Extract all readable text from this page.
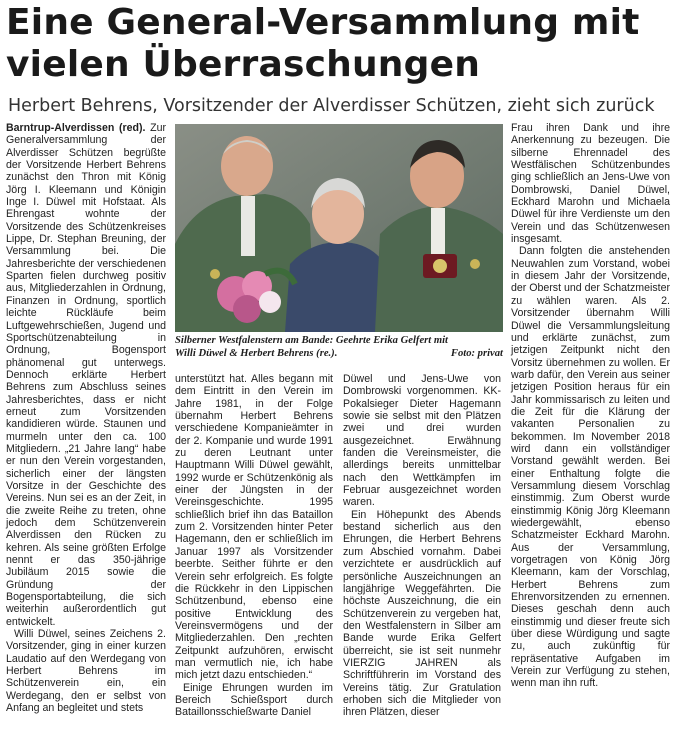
Eine General-Versammlung mit
vielen Überraschungen
Herbert Behrens, Vorsitzender der Alverdisser Schützen, zieht sich zurück

Barntrup-Alverdissen (red). Zur Generalversammlung der Alverdisser Schützen begrüßte der Vorsitzende Herbert Behrens zunächst den Thron mit König Jörg I. Kleemann und Königin Inge I. Düwel mit Hofstaat. Als Ehrengast wohnte der Vorsitzende des Schützenkreises Lippe, Dr. Stephan Breuning, der Versammlung bei. Die Jahresberichte der verschiedenen Sparten fielen durchweg positiv aus, Mitgliederzahlen in Ordnung, Finanzen in Ordnung, sportlich leichte Rückläufe beim Luftgewehrschießen, Jugend und Sportschützenabteilung in Ordnung, Bogensport phänomenal gut unterwegs. Dennoch erklärte Herbert Behrens zum Abschluss seines Jahresberichtes, dass er nicht erneut zum Vorsitzenden kandidieren würde. Staunen und murmeln unter den ca. 100 Mitgliedern. „21 Jahre lang“ habe er nun den Verein vorgestanden, sicherlich einer der längsten Vorsitze in der Geschichte des Vereins. Nun sei es an der Zeit, in die zweite Reihe zu treten, ohne jedoch dem Schützenverein Alverdissen den Rücken zu kehren. Als seine größten Erfolge nennt er das 350-jährige Jubiläum 2015 sowie die Gründung der Bogensportabteilung, die sich weiterhin außerordentlich gut entwickelt.

Willi Düwel, seines Zeichens 2. Vorsitzender, ging in einer kurzen Laudatio auf den Werdegang von Herbert Behrens im Schützenverein ein, ein Werdegang, den er selbst von Anfang an begleitet und stets

Silberner Westfalenstern am Bande: Geehrte Erika Gelfert mit
Willi Düwel & Herbert Behrens (re.).	Foto: privat

unterstützt hat. Alles begann mit dem Eintritt in den Verein im Jahre 1981, in der Folge übernahm Herbert Behrens verschiedene Kompanieämter in der 2. Kompanie und wurde 1991 zu deren Leutnant unter Hauptmann Willi Düwel gewählt, 1992 wurde er Schützenkönig als einer der Jüngsten in der Vereinsgeschichte. 1995 schließlich brief ihn das Bataillon zum 2. Vorsitzenden hinter Peter Hagemann, den er schließlich im Januar 1997 als Vorsitzender beerbte. Seither führte er den Verein sehr erfolgreich. Es folgte die Rückkehr in den Lippischen Schützenbund, ebenso eine positive Entwicklung des Vereinsvermögens und der Mitgliederzahlen. Den „rechten Zeitpunkt aufzuhören, erwischt man vermutlich nie, ich habe mich jetzt dazu entschieden.“

Einige Ehrungen wurden im Bereich Schießsport durch Bataillonsschießwarte Daniel

Düwel und Jens-Uwe von Dombrowski vorgenommen. KK-Pokalsieger Dieter Hagemann sowie sie selbst mit den Plätzen zwei und drei wurden ausgezeichnet. Erwähnung fanden die Vereinsmeister, die allerdings bereits unmittelbar nach den Wettkämpfen im Februar ausgezeichnet worden waren.

Ein Höhepunkt des Abends bestand sicherlich aus den Ehrungen, die Herbert Behrens zum Abschied vornahm. Dabei verzichtete er ausdrücklich auf persönliche Auszeichnungen an langjährige Weggefährten. Die höchste Auszeichnung, die ein Schützenverein zu vergeben hat, den Westfalenstern in Silber am Bande wurde Erika Gelfert überreicht, sie ist seit nunmehr VIERZIG JAHREN als Schriftführerin im Vorstand des Vereins tätig. Zur Gratulation erhoben sich die Mitglieder von ihren Plätzen, dieser

Frau ihren Dank und ihre Anerkennung zu bezeugen. Die silberne Ehrennadel des Westfälischen Schützenbundes ging schließlich an Jens-Uwe von Dombrowski, Daniel Düwel, Eckhard Marohn und Michaela Düwel für ihre Verdienste um den Verein und das Schützenwesen insgesamt.

Dann folgten die anstehenden Neuwahlen zum Vorstand, wobei in diesem Jahr der Vorsitzende, der Oberst und der Schatzmeister zu wählen waren. Als 2. Vorsitzender übernahm Willi Düwel die Versammlungsleitung und erklärte zunächst, zum jetzigen Zeitpunkt nicht den Vorsitz übernehmen zu wollen. Er warb dafür, den Verein aus seiner jetzigen Position heraus für ein Jahr kommissarisch zu leiten und die Zeit für die Klärung der vakanten Personalien zu bekommen. Im November 2018 wird dann ein vollständiger Vorstand gewählt werden. Bei einer Enthaltung folgte die Versammlung diesem Vorschlag einstimmig. Zum Oberst wurde einstimmig König Jörg Kleemann wiedergewählt, ebenso Schatzmeister Eckhard Marohn. Aus der Versammlung, vorgetragen von König Jörg Kleemann, kam der Vorschlag, Herbert Behrens zum Ehrenvorsitzenden zu ernennen. Dieses geschah denn auch einstimmig und dieser freute sich über diese Würdigung und sagte zu, auch zukünftig für repräsentative Aufgaben im Verein zur Verfügung zu stehen, wenn man ihn ruft.
